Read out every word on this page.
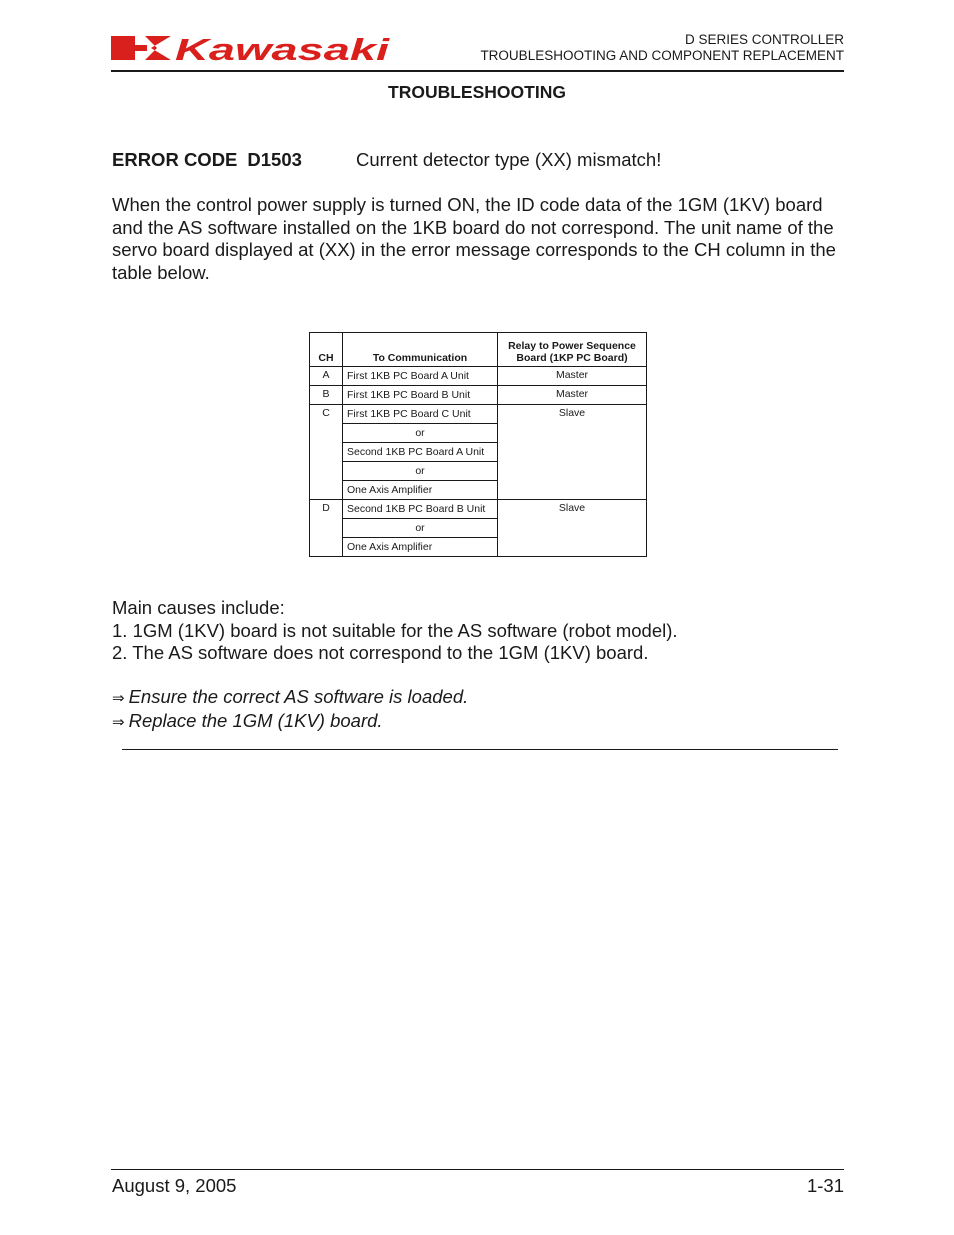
Kawasaki	D SERIES CONTROLLER
TROUBLESHOOTING AND COMPONENT REPLACEMENT
TROUBLESHOOTING
ERROR CODE D1503	Current detector type (XX) mismatch!
When the control power supply is turned ON, the ID code data of the 1GM (1KV) board and the AS software installed on the 1KB board do not correspond. The unit name of the servo board displayed at (XX) in the error message corresponds to the CH column in the table below.
CH	To Communication	Relay to Power Sequence
Board (1KP PC Board)
A	First 1KB PC Board A Unit	Master
B	First 1KB PC Board B Unit	Master
C	First 1KB PC Board C Unit	Slave
	or	
	Second 1KB PC Board A Unit	
	or	
	One Axis Amplifier	
D	Second 1KB PC Board B Unit	Slave
	or	
	One Axis Amplifier	
Main causes include:
1. 1GM (1KV) board is not suitable for the AS software (robot model).
2. The AS software does not correspond to the 1GM (1KV) board.
⇒ Ensure the correct AS software is loaded.
⇒ Replace the 1GM (1KV) board.
August 9, 2005	1-31
